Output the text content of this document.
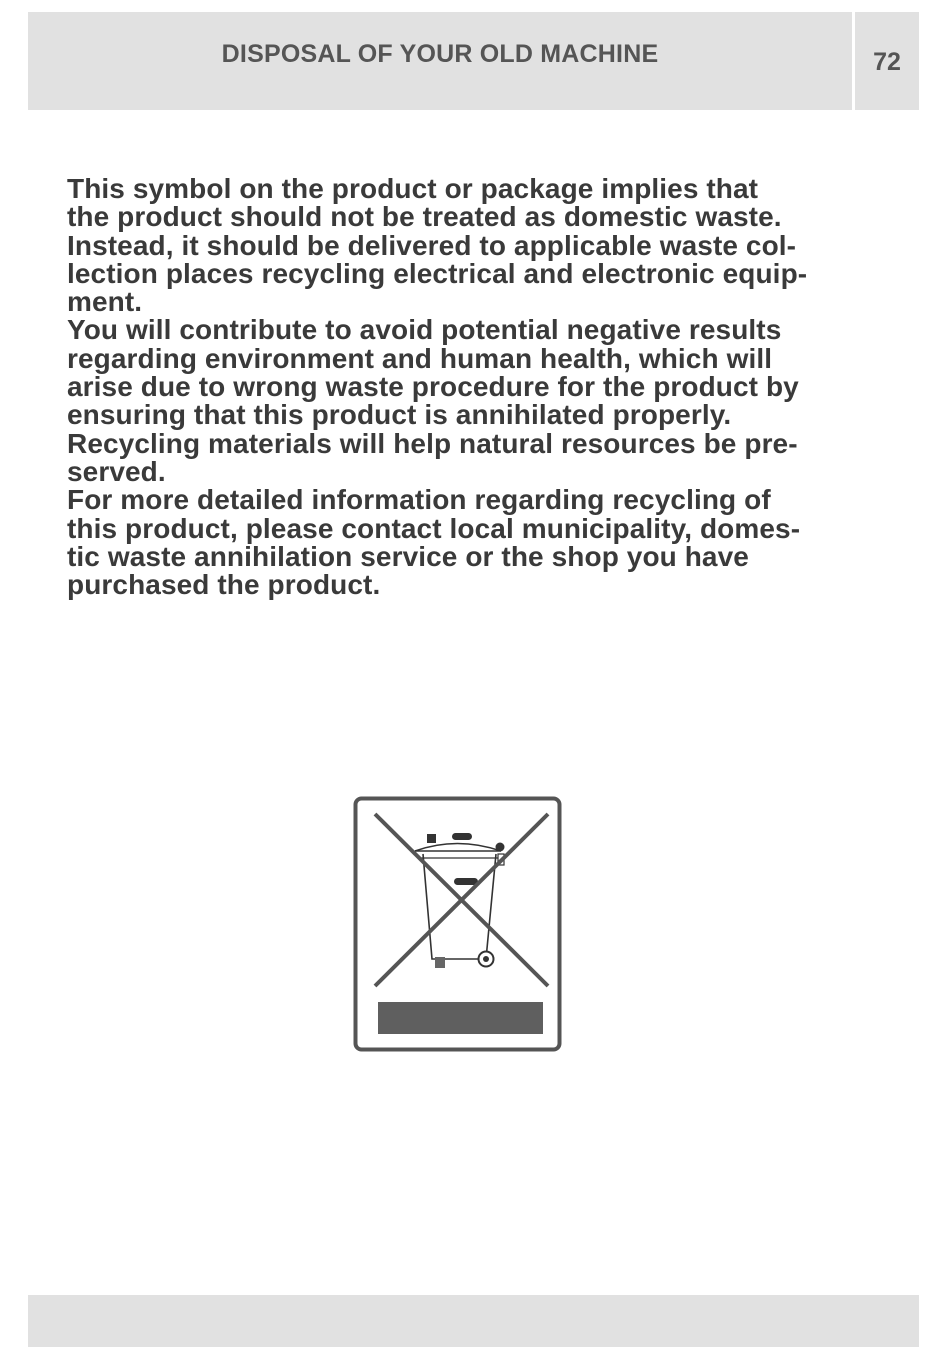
DISPOSAL OF YOUR OLD MACHINE	72

This symbol on the product or package implies that

the product should not be treated as domestic waste.

Instead, it should be delivered to applicable waste col-

lection places recycling electrical and electronic equip-

ment.

You will contribute to avoid potential negative results

regarding environment and human health, which will

arise due to wrong waste procedure for the product by

ensuring that this product is annihilated properly.

Recycling materials will help natural resources be pre-

served.

For more detailed information regarding recycling of

this product, please contact local municipality, domes-

tic waste annihilation service or the shop you have

purchased the product.
